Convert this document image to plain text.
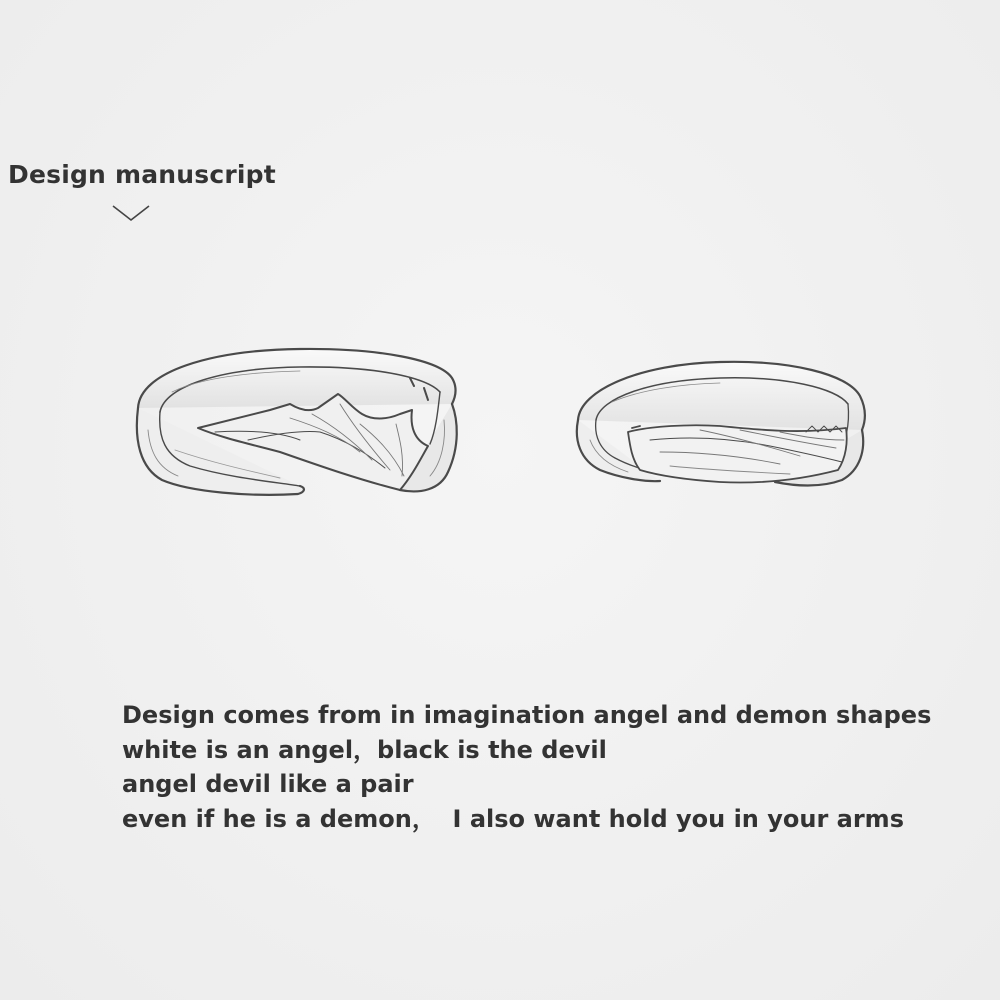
Design manuscript
Design comes from in imagination angel and demon shapes
white is an angel，black is the devil
angel devil like a pair
even if he is a demon，  I also want hold you in your arms
